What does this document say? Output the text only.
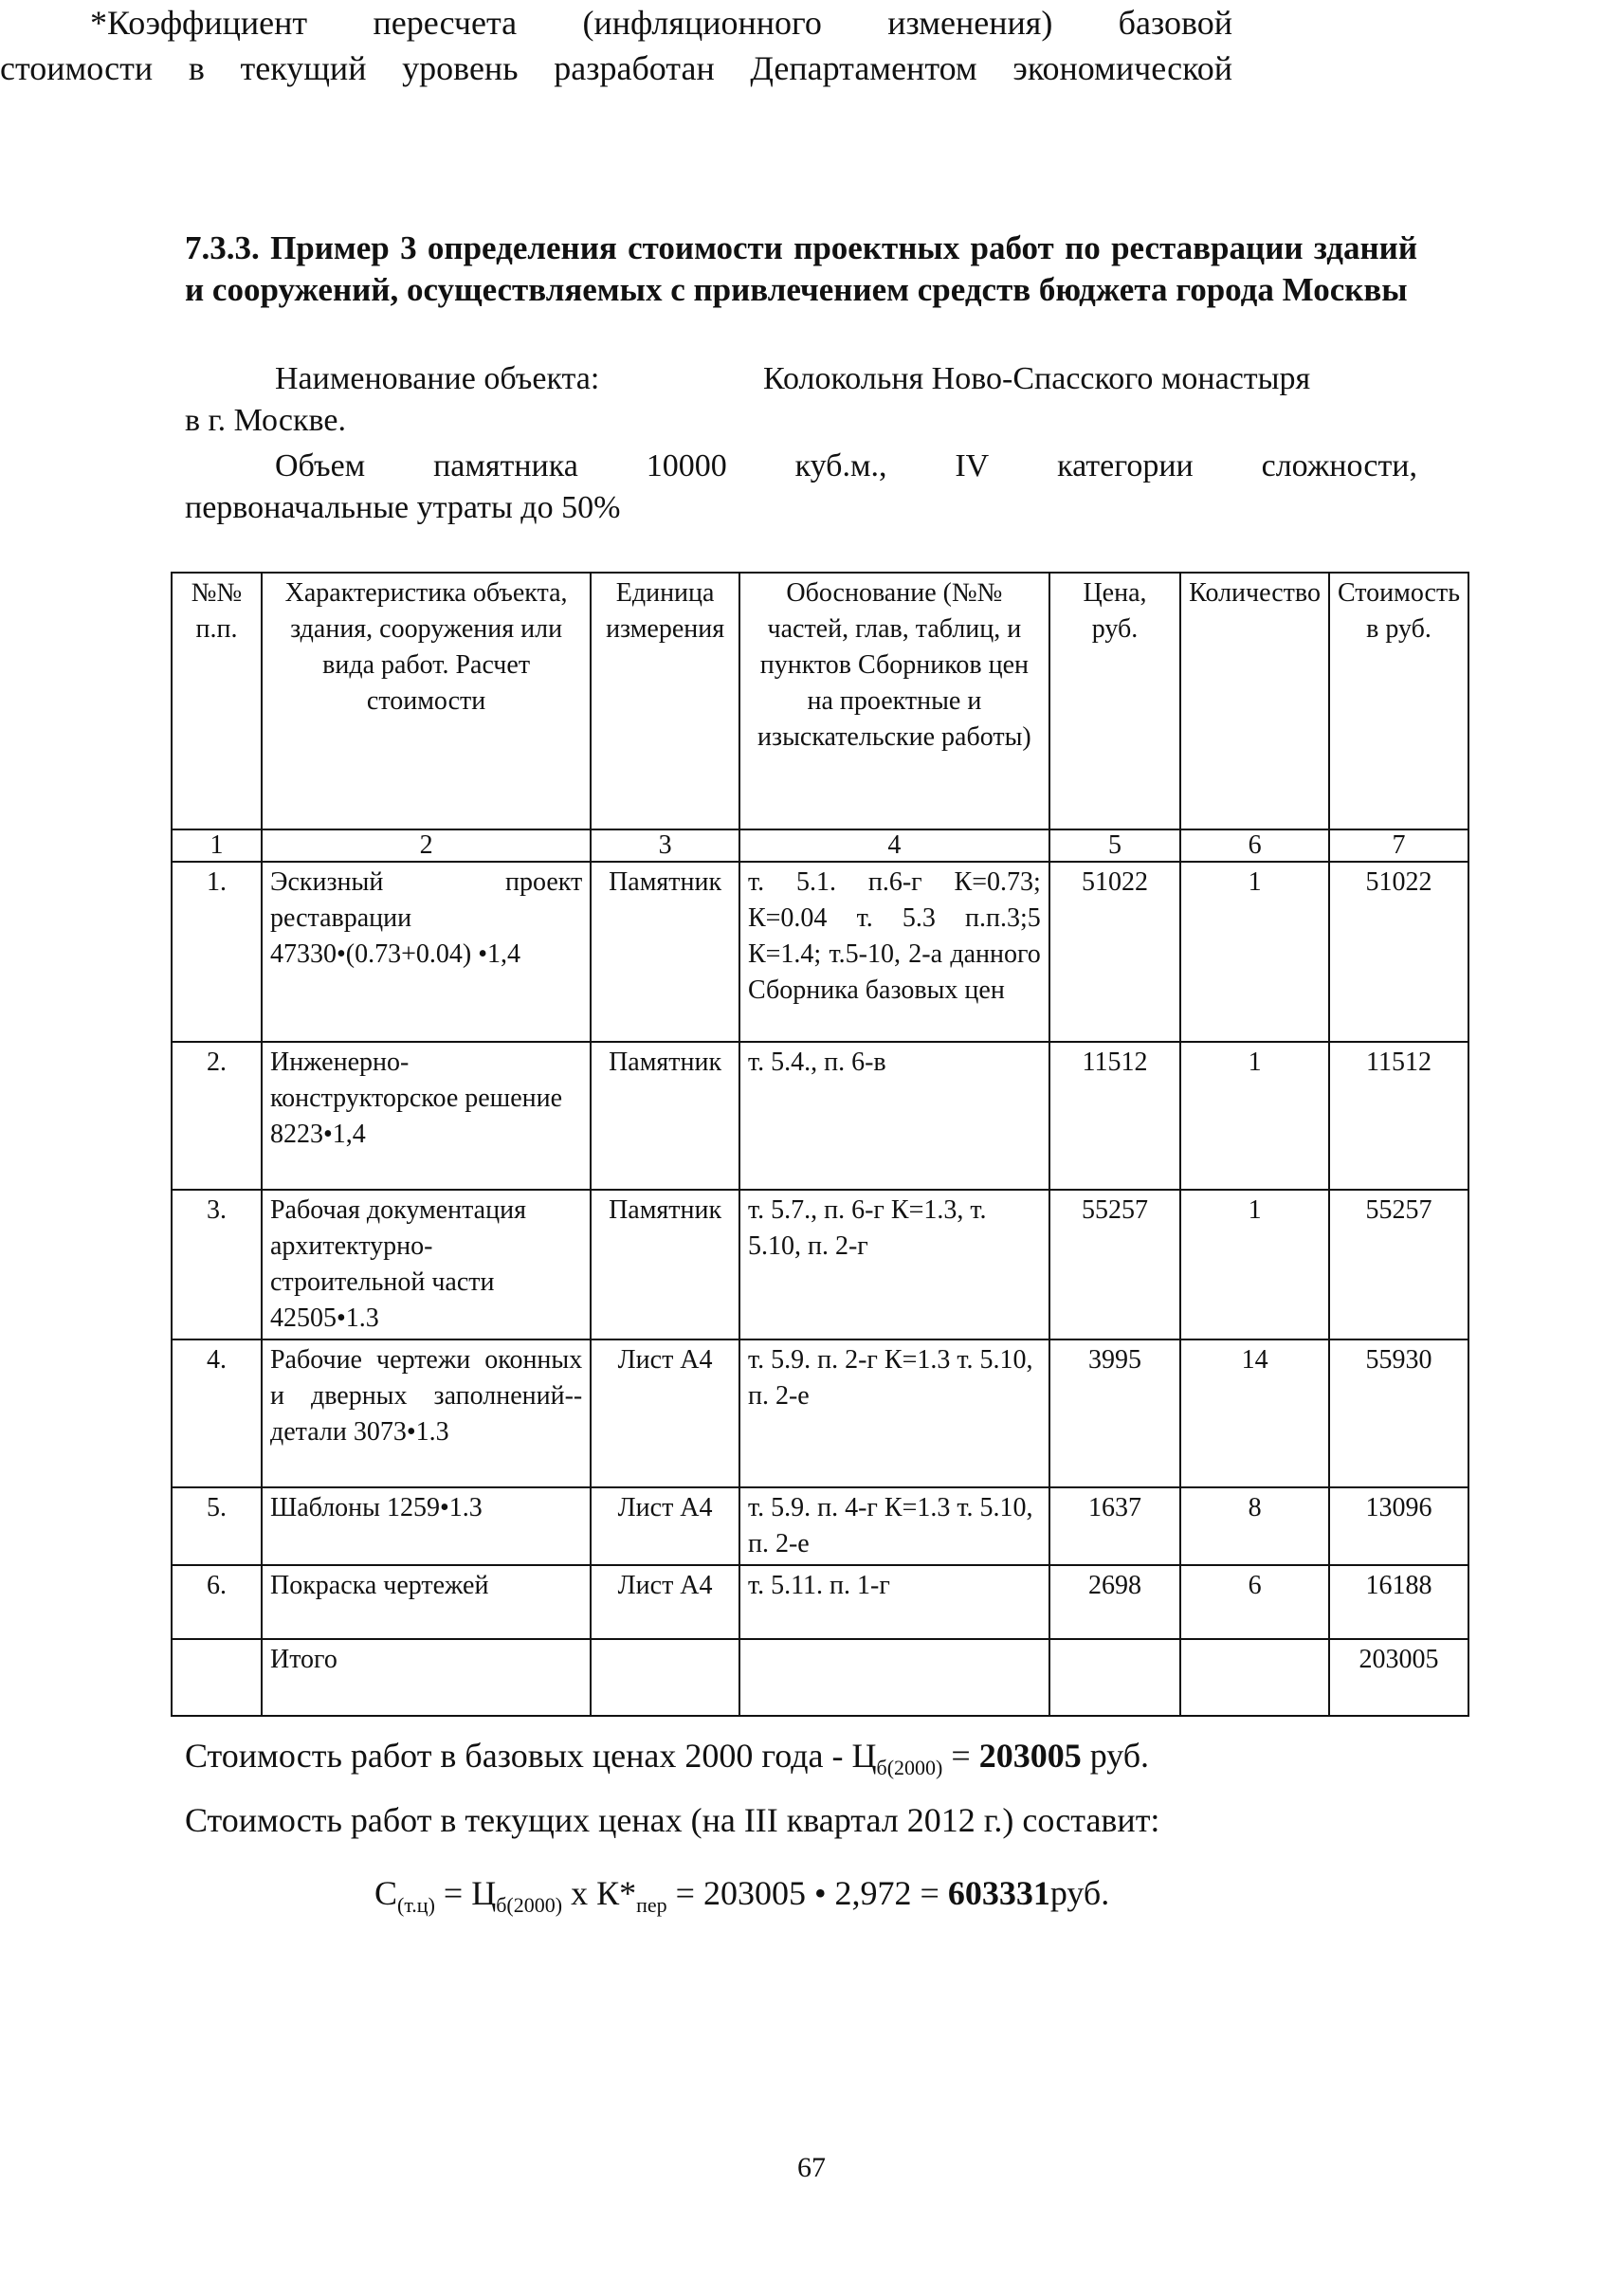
7.3.3. Пример 3 определения стоимости проектных работ по реставрации зданий и сооружений, осуществляемых с привлечением средств бюджета города Москвы
Наименование объекта:	Колокольня Ново-Спасского монастыря
в г. Москве.
Объем памятника 10000 куб.м., IV категории сложности,
первоначальные утраты до 50%
№№ п.п.	Характеристика объекта, здания, сооружения или вида работ. Расчет стоимости	Единица измерения	Обоснование (№№ частей, глав, таблиц, и пунктов Сборников цен на проектные и изыскательские работы)	Цена, руб.	Количество	Стоимость в руб.
1	2	3	4	5	6	7
1.	Эскизный проект реставрации 47330•(0.73+0.04) •1,4	Памятник	т. 5.1. п.6-г К=0.73; К=0.04 т. 5.3 п.п.3;5 К=1.4; т.5-10, 2-а данного Сборника базовых цен	51022	1	51022
2.	Инженерно-конструкторское решение 8223•1,4	Памятник	т. 5.4., п. 6-в	11512	1	11512
3.	Рабочая документация архитектурно-строительной части 42505•1.3	Памятник	т. 5.7., п. 6-г К=1.3, т. 5.10, п. 2-г	55257	1	55257
4.	Рабочие чертежи оконных и дверных заполнений--детали 3073•1.3	Лист А4	т. 5.9. п. 2-г К=1.3 т. 5.10, п. 2-е	3995	14	55930
5.	Шаблоны 1259•1.3	Лист А4	т. 5.9. п. 4-г К=1.3 т. 5.10, п. 2-е	1637	8	13096
6.	Покраска чертежей	Лист А4	т. 5.11. п. 1-г	2698	6	16188
	Итого					203005
Стоимость работ в базовых ценах 2000 года - $Ц_{б(2000)} = 203005$ руб.
Стоимость работ в текущих ценах (на III квартал 2012 г.) составит:
$С_{(т.ц)} = Ц_{б(2000)}$ х $К*_{пер} = 203005$ • 2,972 = 603331руб.
*Коэффициент пересчета (инфляционного изменения) базовой
стоимости в текущий уровень разработан Департаментом экономической
67
